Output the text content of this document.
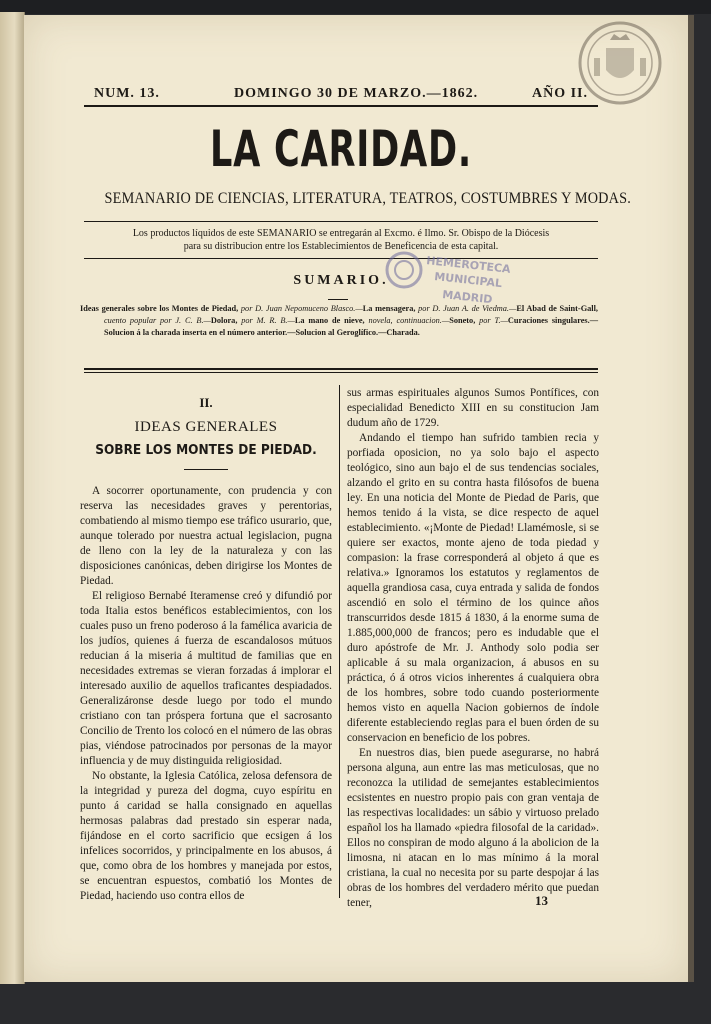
NUM. 13.	DOMINGO 30 DE MARZO.—1862.	AÑO II.
LA CARIDAD.
SEMANARIO DE CIENCIAS, LITERATURA, TEATROS, COSTUMBRES Y MODAS.
Los productos líquidos de este SEMANARIO se entregarán al Excmo. é Ilmo. Sr. Obispo de la Diócesis
para su distribucion entre los Establecimientos de Beneficencia de esta capital.
SUMARIO.
HEMEROTECA
MUNICIPAL
MADRID
Ideas generales sobre los Montes de Piedad, por D. Juan Nepomuceno Blasco.—La mensagera, por D. Juan A. de Viedma.—El Abad de Saint-Gall, cuento popular por J. C. B.—Dolora, por M. R. B.—La mano de nieve, novela, continuacion.—Soneto, por T.—Curaciones singulares.—Solucion á la charada inserta en el número anterior.—Solucion al Geroglífico.—Charada.
II.
IDEAS GENERALES
SOBRE LOS MONTES DE PIEDAD.

A socorrer oportunamente, con prudencia y con reserva las necesidades graves y perentorias, combatiendo al mismo tiempo ese tráfico usurario, que, aunque tolerado por nuestra actual legislacion, pugna de lleno con la ley de la naturaleza y con las disposiciones canónicas, deben dirigirse los Montes de Piedad.

El religioso Bernabé Iteramense creó y difundió por toda Italia estos benéficos establecimientos, con los cuales puso un freno poderoso á la famélica avaricia de los judíos, quienes á fuerza de escandalosos mútuos reducian á la miseria á multitud de familias que en necesidades extremas se vieran forzadas á implorar el interesado auxilio de aquellos traficantes despiadados. Generalizáronse desde luego por todo el mundo cristiano con tan próspera fortuna que el sacrosanto Concilio de Trento los colocó en el número de las obras pias, viéndose patrocinados por personas de la mayor influencia y de muy distinguida religiosidad.

No obstante, la Iglesia Católica, zelosa defensora de la integridad y pureza del dogma, cuyo espíritu en punto á caridad se halla consignado en aquellas hermosas palabras dad prestado sin esperar nada, fijándose en el corto sacrificio que ecsigen á los infelices socorridos, y principalmente en los abusos, á que, como obra de los hombres y manejada por estos, se encuentran espuestos, combatió los Montes de Piedad, haciendo uso contra ellos de

sus armas espirituales algunos Sumos Pontífices, con especialidad Benedicto XIII en su constitucion Jam dudum año de 1729.

Andando el tiempo han sufrido tambien recia y porfiada oposicion, no ya solo bajo el aspecto teológico, sino aun bajo el de sus tendencias sociales, alzando el grito en su contra hasta filósofos de buena ley. En una noticia del Monte de Piedad de Paris, que hemos tenido á la vista, se dice respecto de aquel establecimiento. «¡Monte de Piedad! Llamémosle, si se quiere ser exactos, monte ajeno de toda piedad y compasion: la frase corresponderá al objeto á que es relativa.» Ignoramos los estatutos y reglamentos de aquella grandiosa casa, cuya entrada y salida de fondos ascendió en solo el término de los quince años transcurridos desde 1815 á 1830, á la enorme suma de 1.885,000,000 de francos; pero es indudable que el duro apóstrofe de Mr. J. Anthody solo podia ser aplicable á su mala organizacion, á abusos en su práctica, ó á otros vicios inherentes á cualquiera obra de los hombres, sobre todo cuando posteriormente hemos visto en aquella Nacion gobiernos de índole diferente estableciendo reglas para el buen órden de su conservacion en beneficio de los pobres.

En nuestros dias, bien puede asegurarse, no habrá persona alguna, aun entre las mas meticulosas, que no reconozca la utilidad de semejantes establecimientos ecsistentes en nuestro propio pais con gran ventaja de las respectivas localidades: un sábio y virtuoso prelado español los ha llamado «piedra filosofal de la caridad». Ellos no conspiran de modo alguno á la abolicion de la limosna, ni atacan en lo mas mínimo á la moral cristiana, la cual no necesita por su parte despojar á las obras de los hombres del verdadero mérito que puedan tener,	13
